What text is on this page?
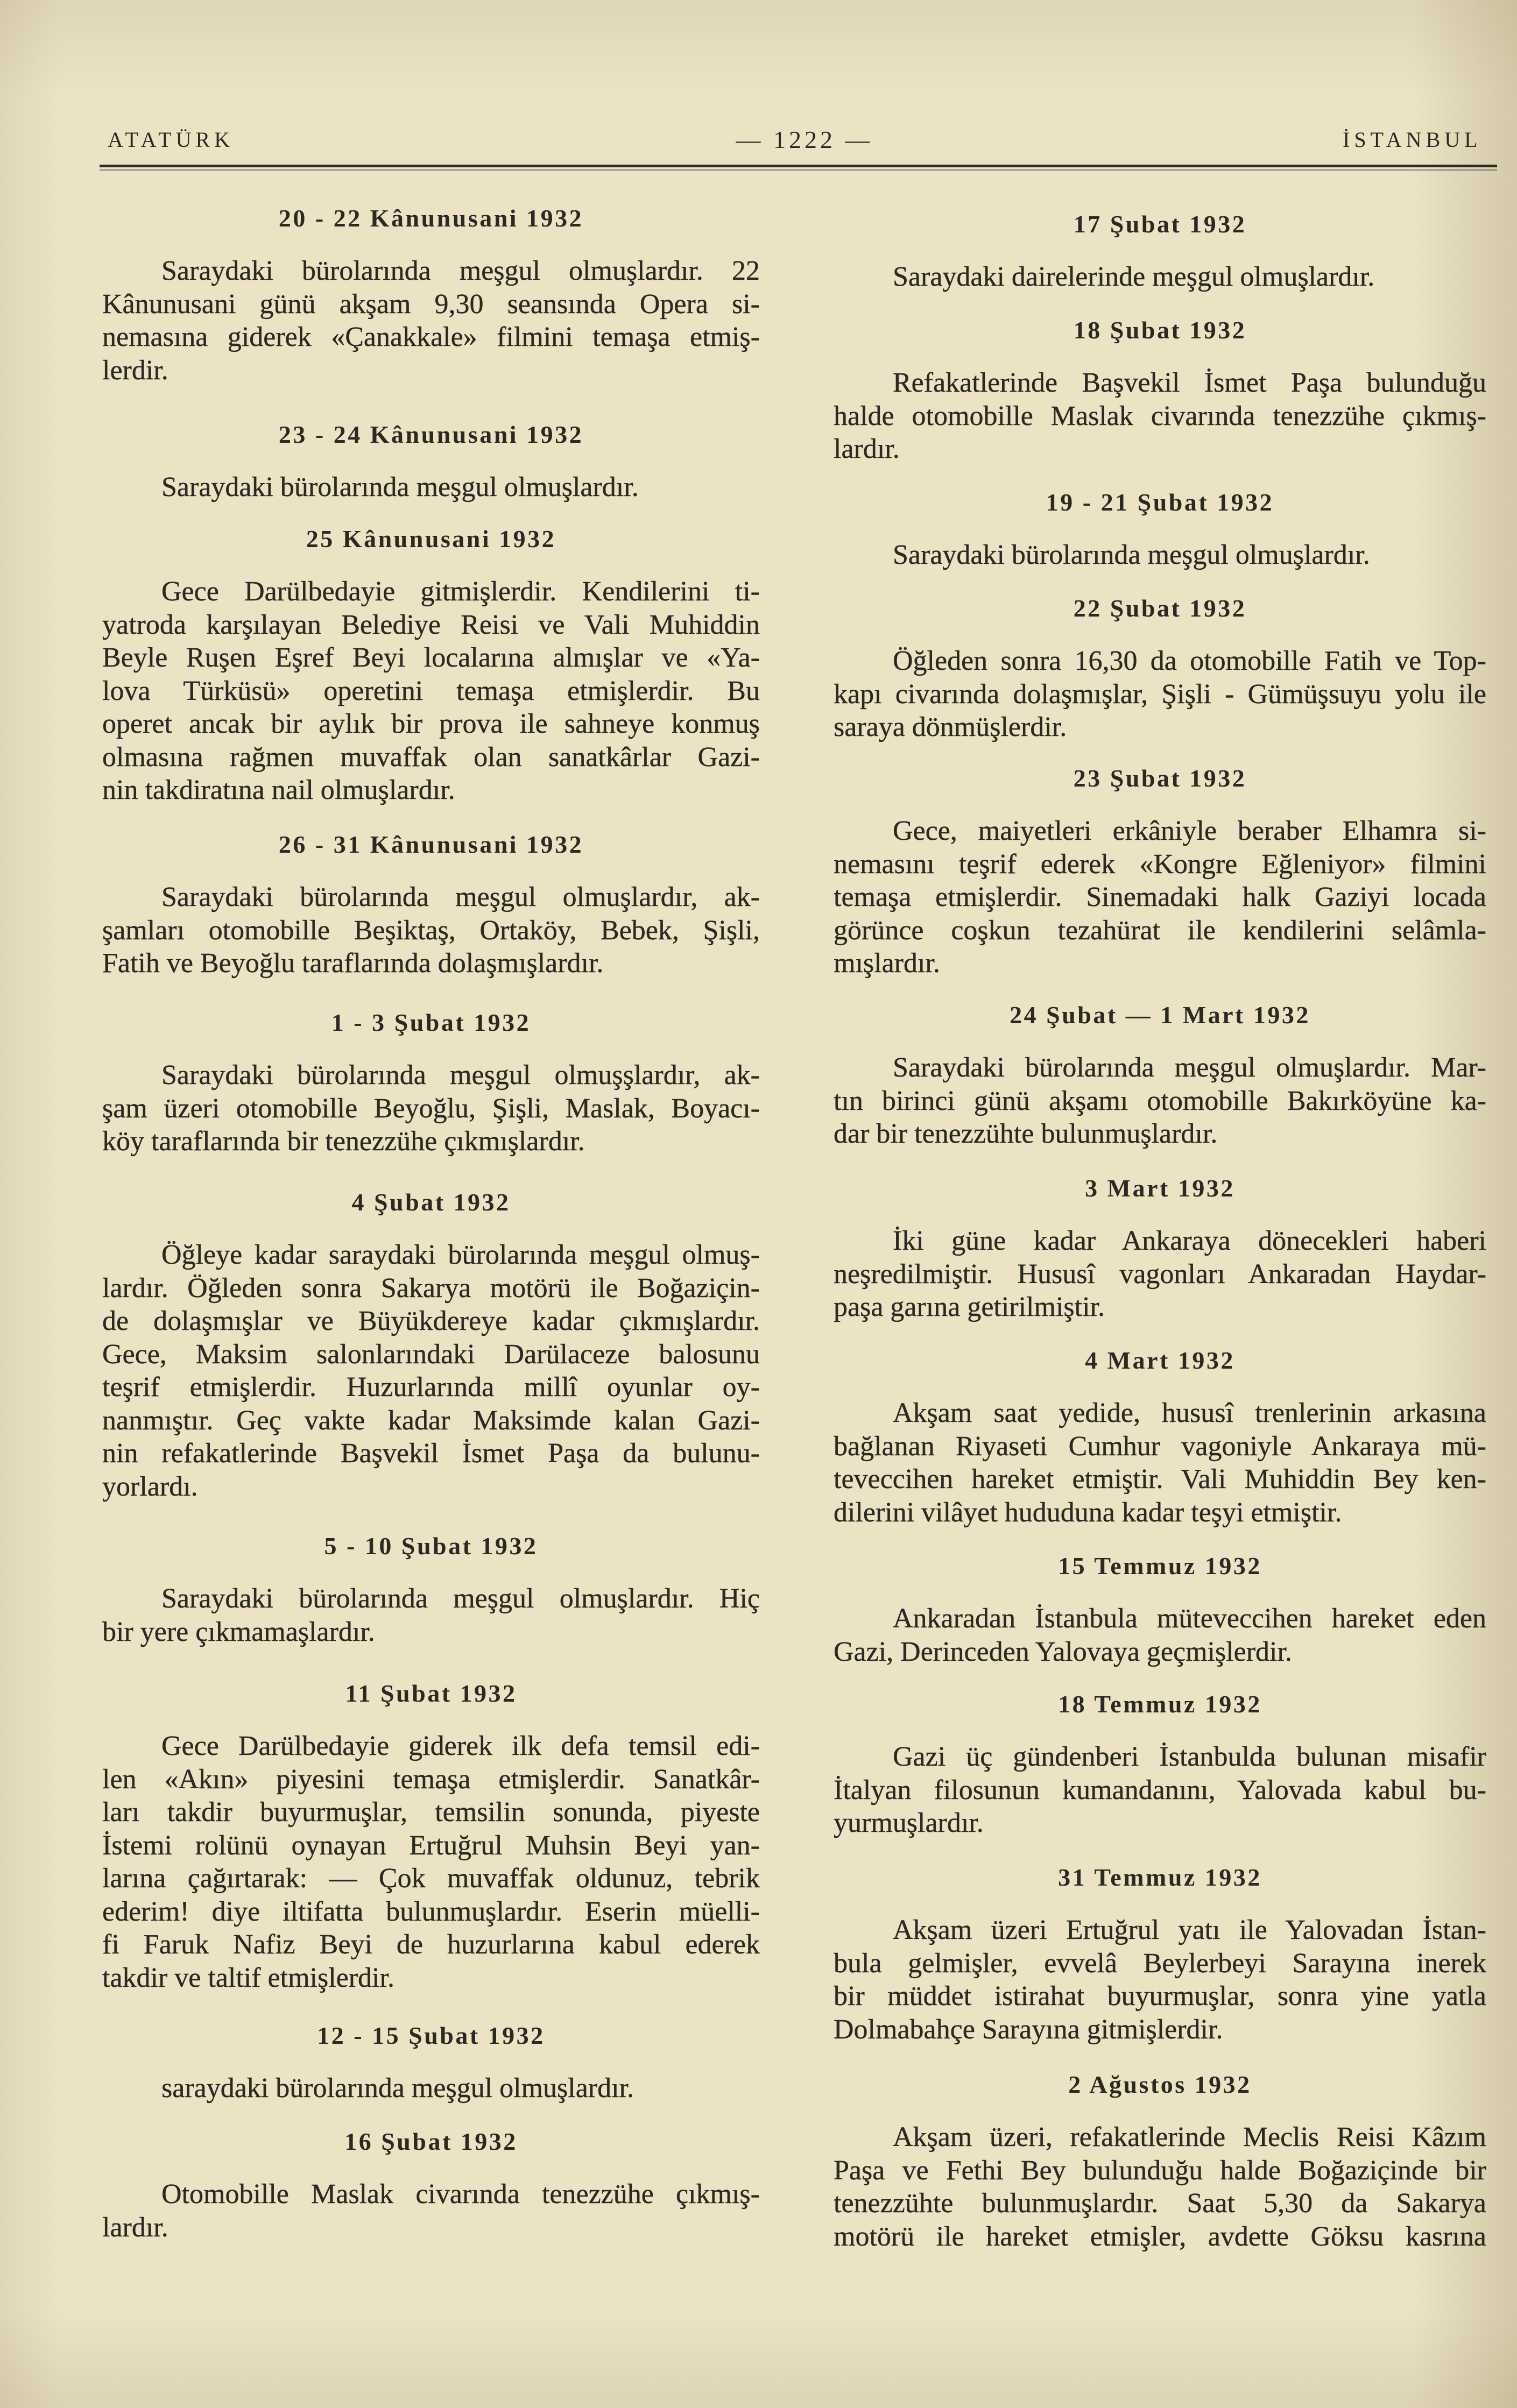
ATATÜRK	— 1222 —	İSTANBUL
20 - 22 Kânunusani 1932
Saraydaki bürolarında meşgul olmuşlardır. 22
Kânunusani günü akşam 9,30 seansında Opera si-
nemasına giderek «Çanakkale» filmini temaşa etmiş-
lerdir.
23 - 24 Kânunusani 1932
Saraydaki bürolarında meşgul olmuşlardır.
25 Kânunusani 1932
Gece Darülbedayie gitmişlerdir. Kendilerini ti-
yatroda karşılayan Belediye Reisi ve Vali Muhiddin
Beyle Ruşen Eşref Beyi localarına almışlar ve «Ya-
lova Türküsü» operetini temaşa etmişlerdir. Bu
operet ancak bir aylık bir prova ile sahneye konmuş
olmasına rağmen muvaffak olan sanatkârlar Gazi-
nin takdiratına nail olmuşlardır.
26 - 31 Kânunusani 1932
Saraydaki bürolarında meşgul olmuşlardır, ak-
şamları otomobille Beşiktaş, Ortaköy, Bebek, Şişli,
Fatih ve Beyoğlu taraflarında dolaşmışlardır.
1 - 3 Şubat 1932
Saraydaki bürolarında meşgul olmuşşlardır, ak-
şam üzeri otomobille Beyoğlu, Şişli, Maslak, Boyacı-
köy taraflarında bir tenezzühe çıkmışlardır.
4 Şubat 1932
Öğleye kadar saraydaki bürolarında meşgul olmuş-
lardır. Öğleden sonra Sakarya motörü ile Boğaziçin-
de dolaşmışlar ve Büyükdereye kadar çıkmışlardır.
Gece, Maksim salonlarındaki Darülaceze balosunu
teşrif etmişlerdir. Huzurlarında millî oyunlar oy-
nanmıştır. Geç vakte kadar Maksimde kalan Gazi-
nin refakatlerinde Başvekil İsmet Paşa da bulunu-
yorlardı.
5 - 10 Şubat 1932
Saraydaki bürolarında meşgul olmuşlardır. Hiç
bir yere çıkmamaşlardır.
11 Şubat 1932
Gece Darülbedayie giderek ilk defa temsil edi-
len «Akın» piyesini temaşa etmişlerdir. Sanatkâr-
ları takdir buyurmuşlar, temsilin sonunda, piyeste
İstemi rolünü oynayan Ertuğrul Muhsin Beyi yan-
larına çağırtarak: — Çok muvaffak oldunuz, tebrik
ederim! diye iltifatta bulunmuşlardır. Eserin müelli-
fi Faruk Nafiz Beyi de huzurlarına kabul ederek
takdir ve taltif etmişlerdir.
12 - 15 Şubat 1932
saraydaki bürolarında meşgul olmuşlardır.
16 Şubat 1932
Otomobille Maslak civarında tenezzühe çıkmış-
lardır.
17 Şubat 1932
Saraydaki dairelerinde meşgul olmuşlardır.
18 Şubat 1932
Refakatlerinde Başvekil İsmet Paşa bulunduğu
halde otomobille Maslak civarında tenezzühe çıkmış-
lardır.
19 - 21 Şubat 1932
Saraydaki bürolarında meşgul olmuşlardır.
22 Şubat 1932
Öğleden sonra 16,30 da otomobille Fatih ve Top-
kapı civarında dolaşmışlar, Şişli - Gümüşsuyu yolu ile
saraya dönmüşlerdir.
23 Şubat 1932
Gece, maiyetleri erkâniyle beraber Elhamra si-
nemasını teşrif ederek «Kongre Eğleniyor» filmini
temaşa etmişlerdir. Sinemadaki halk Gaziyi locada
görünce coşkun tezahürat ile kendilerini selâmla-
mışlardır.
24 Şubat — 1 Mart 1932
Saraydaki bürolarında meşgul olmuşlardır. Mar-
tın birinci günü akşamı otomobille Bakırköyüne ka-
dar bir tenezzühte bulunmuşlardır.
3 Mart 1932
İki güne kadar Ankaraya dönecekleri haberi
neşredilmiştir. Hususî vagonları Ankaradan Haydar-
paşa garına getirilmiştir.
4 Mart 1932
Akşam saat yedide, hususî trenlerinin arkasına
bağlanan Riyaseti Cumhur vagoniyle Ankaraya mü-
teveccihen hareket etmiştir. Vali Muhiddin Bey ken-
dilerini vilâyet hududuna kadar teşyi etmiştir.
15 Temmuz 1932
Ankaradan İstanbula müteveccihen hareket eden
Gazi, Derinceden Yalovaya geçmişlerdir.
18 Temmuz 1932
Gazi üç gündenberi İstanbulda bulunan misafir
İtalyan filosunun kumandanını, Yalovada kabul bu-
yurmuşlardır.
31 Temmuz 1932
Akşam üzeri Ertuğrul yatı ile Yalovadan İstan-
bula gelmişler, evvelâ Beylerbeyi Sarayına inerek
bir müddet istirahat buyurmuşlar, sonra yine yatla
Dolmabahçe Sarayına gitmişlerdir.
2 Ağustos 1932
Akşam üzeri, refakatlerinde Meclis Reisi Kâzım
Paşa ve Fethi Bey bulunduğu halde Boğaziçinde bir
tenezzühte bulunmuşlardır. Saat 5,30 da Sakarya
motörü ile hareket etmişler, avdette Göksu kasrına
